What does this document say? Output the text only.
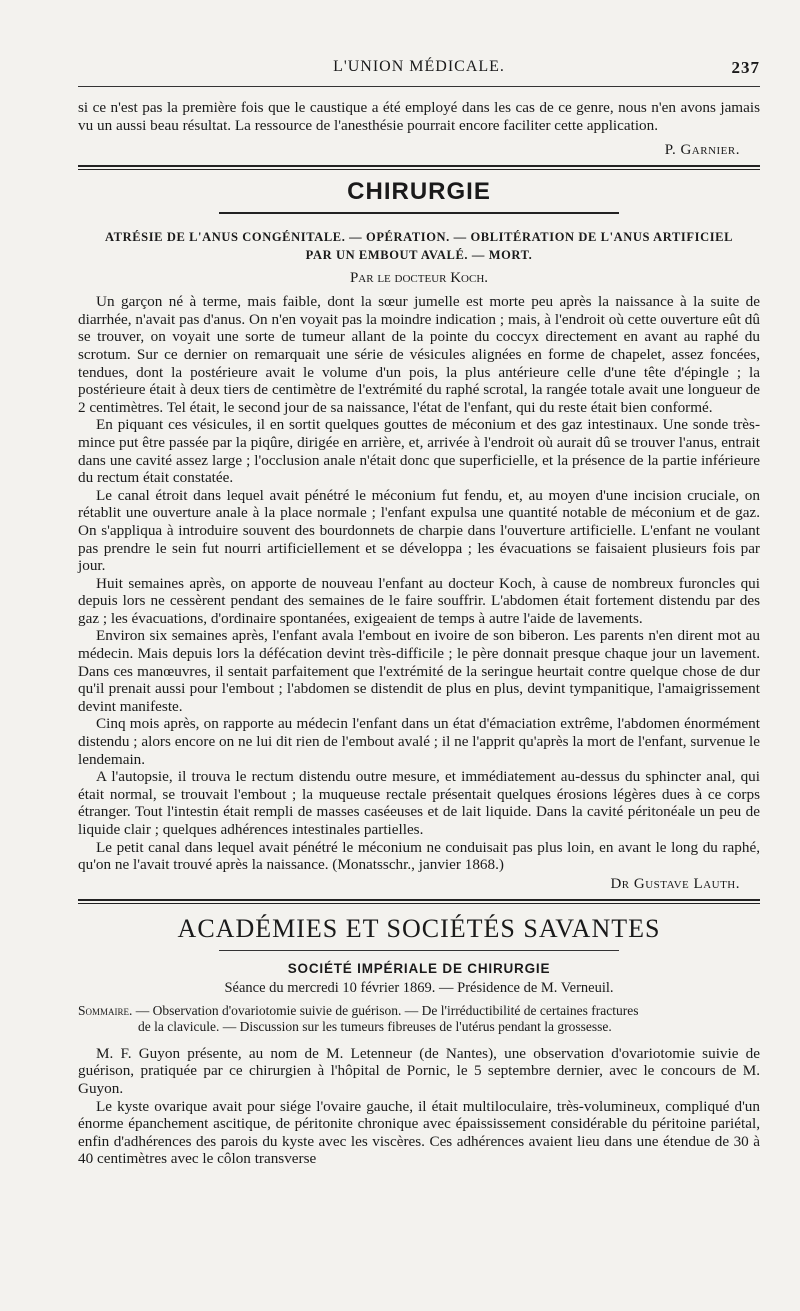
L'UNION MÉDICALE.	237

si ce n'est pas la première fois que le caustique a été employé dans les cas de ce genre, nous n'en avons jamais vu un aussi beau résultat. La ressource de l'anesthésie pourrait encore faciliter cette application.

P. Garnier.
CHIRURGIE
ATRÉSIE DE L'ANUS CONGÉNITALE. — OPÉRATION. — OBLITÉRATION DE L'ANUS ARTIFICIEL
PAR UN EMBOUT AVALÉ. — MORT.
Par le docteur Koch.

Un garçon né à terme, mais faible, dont la sœur jumelle est morte peu après la naissance à la suite de diarrhée, n'avait pas d'anus. On n'en voyait pas la moindre indication ; mais, à l'endroit où cette ouverture eût dû se trouver, on voyait une sorte de tumeur allant de la pointe du coccyx directement en avant au raphé du scrotum. Sur ce dernier on remarquait une série de vésicules alignées en forme de chapelet, assez foncées, tendues, dont la postérieure avait le volume d'un pois, la plus antérieure celle d'une tête d'épingle ; la postérieure était à deux tiers de centimètre de l'extrémité du raphé scrotal, la rangée totale avait une longueur de 2 centimètres. Tel était, le second jour de sa naissance, l'état de l'enfant, qui du reste était bien conformé.

En piquant ces vésicules, il en sortit quelques gouttes de méconium et des gaz intestinaux. Une sonde très-mince put être passée par la piqûre, dirigée en arrière, et, arrivée à l'endroit où aurait dû se trouver l'anus, entrait dans une cavité assez large ; l'occlusion anale n'était donc que superficielle, et la présence de la partie inférieure du rectum était constatée.

Le canal étroit dans lequel avait pénétré le méconium fut fendu, et, au moyen d'une incision cruciale, on rétablit une ouverture anale à la place normale ; l'enfant expulsa une quantité notable de méconium et de gaz. On s'appliqua à introduire souvent des bourdonnets de charpie dans l'ouverture artificielle. L'enfant ne voulant pas prendre le sein fut nourri artificiellement et se développa ; les évacuations se faisaient plusieurs fois par jour.

Huit semaines après, on apporte de nouveau l'enfant au docteur Koch, à cause de nombreux furoncles qui depuis lors ne cessèrent pendant des semaines de le faire souffrir. L'abdomen était fortement distendu par des gaz ; les évacuations, d'ordinaire spontanées, exigeaient de temps à autre l'aide de lavements.

Environ six semaines après, l'enfant avala l'embout en ivoire de son biberon. Les parents n'en dirent mot au médecin. Mais depuis lors la défécation devint très-difficile ; le père donnait presque chaque jour un lavement. Dans ces manœuvres, il sentait parfaitement que l'extrémité de la seringue heurtait contre quelque chose de dur qu'il prenait aussi pour l'embout ; l'abdomen se distendit de plus en plus, devint tympanitique, l'amaigrissement devint manifeste.

Cinq mois après, on rapporte au médecin l'enfant dans un état d'émaciation extrême, l'abdomen énormément distendu ; alors encore on ne lui dit rien de l'embout avalé ; il ne l'apprit qu'après la mort de l'enfant, survenue le lendemain.

A l'autopsie, il trouva le rectum distendu outre mesure, et immédiatement au-dessus du sphincter anal, qui était normal, se trouvait l'embout ; la muqueuse rectale présentait quelques érosions légères dues à ce corps étranger. Tout l'intestin était rempli de masses caséeuses et de lait liquide. Dans la cavité péritonéale un peu de liquide clair ; quelques adhérences intestinales partielles.

Le petit canal dans lequel avait pénétré le méconium ne conduisait pas plus loin, en avant le long du raphé, qu'on ne l'avait trouvé après la naissance. (Monatsschr., janvier 1868.)

Dr Gustave Lauth.
ACADÉMIES ET SOCIÉTÉS SAVANTES
SOCIÉTÉ IMPÉRIALE DE CHIRURGIE
Séance du mercredi 10 février 1869. — Présidence de M. Verneuil.
Sommaire. — Observation d'ovariotomie suivie de guérison. — De l'irréductibilité de certaines fractures
de la clavicule. — Discussion sur les tumeurs fibreuses de l'utérus pendant la grossesse.

M. F. Guyon présente, au nom de M. Letenneur (de Nantes), une observation d'ovariotomie suivie de guérison, pratiquée par ce chirurgien à l'hôpital de Pornic, le 5 septembre dernier, avec le concours de M. Guyon.

Le kyste ovarique avait pour siége l'ovaire gauche, il était multiloculaire, très-volumineux, compliqué d'un énorme épanchement ascitique, de péritonite chronique avec épaississement considérable du péritoine pariétal, enfin d'adhérences des parois du kyste avec les viscères. Ces adhérences avaient lieu dans une étendue de 30 à 40 centimètres avec le côlon transverse
